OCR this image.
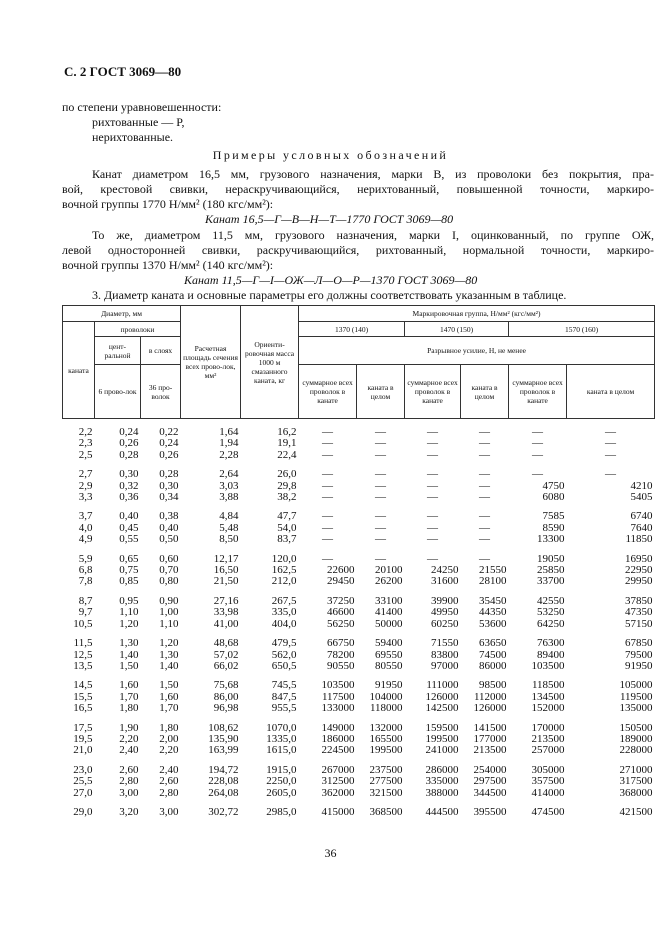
С. 2 ГОСТ 3069—80
по степени уравновешенности:
рихтованные — Р,
нерихтованные.
Примеры условных обозначений
Канат диаметром 16,5 мм, грузового назначения, марки В, из проволоки без покрытия, пра-
вой, крестовой свивки, нераскручивающийся, нерихтованный, повышенной точности, маркиро-
вочной группы 1770 Н/мм² (180 кгс/мм²):
Канат 16,5—Г—В—Н—Т—1770 ГОСТ 3069—80
То же, диаметром 11,5 мм, грузового назначения, марки I, оцинкованный, по группе ОЖ,
левой односторонней свивки, раскручивающийся, рихтованный, нормальной точности, маркиро-
вочной группы 1370 Н/мм² (140 кгс/мм²):
Канат 11,5—Г—I—ОЖ—Л—О—Р—1370 ГОСТ 3069—80
3. Диаметр каната и основные параметры его должны соответствовать указанным в таблице.
Диаметр, мм			Расчетная площадь сечения всех прово-лок, мм²	Ориенти-ровочная масса 1000 м смазанного каната, кг	Маркировочная группа, Н/мм² (кгс/мм²)					
каната	проволоки				1370 (140)		1470 (150)		1570 (160)	
	цент-ральной	в слоях			Разрывное усилие, Н, не менее					
	6 прово-лок	36 про-волок			суммарное всех проволок в канате	каната в целом	суммарное всех проволок в канате	каната в целом	суммарное всех проволок в канате	каната в целом
2,2	0,24	0,22	1,64	16,2	—	—	—	—	—	—
2,3	0,26	0,24	1,94	19,1	—	—	—	—	—	—
2,5	0,28	0,26	2,28	22,4	—	—	—	—	—	—
2,7	0,30	0,28	2,64	26,0	—	—	—	—	—	—
2,9	0,32	0,30	3,03	29,8	—	—	—	—	4750	4210
3,3	0,36	0,34	3,88	38,2	—	—	—	—	6080	5405
3,7	0,40	0,38	4,84	47,7	—	—	—	—	7585	6740
4,0	0,45	0,40	5,48	54,0	—	—	—	—	8590	7640
4,9	0,55	0,50	8,50	83,7	—	—	—	—	13300	11850
5,9	0,65	0,60	12,17	120,0	—	—	—	—	19050	16950
6,8	0,75	0,70	16,50	162,5	22600	20100	24250	21550	25850	22950
7,8	0,85	0,80	21,50	212,0	29450	26200	31600	28100	33700	29950
8,7	0,95	0,90	27,16	267,5	37250	33100	39900	35450	42550	37850
9,7	1,10	1,00	33,98	335,0	46600	41400	49950	44350	53250	47350
10,5	1,20	1,10	41,00	404,0	56250	50000	60250	53600	64250	57150
11,5	1,30	1,20	48,68	479,5	66750	59400	71550	63650	76300	67850
12,5	1,40	1,30	57,02	562,0	78200	69550	83800	74500	89400	79500
13,5	1,50	1,40	66,02	650,5	90550	80550	97000	86000	103500	91950
14,5	1,60	1,50	75,68	745,5	103500	91950	111000	98500	118500	105000
15,5	1,70	1,60	86,00	847,5	117500	104000	126000	112000	134500	119500
16,5	1,80	1,70	96,98	955,5	133000	118000	142500	126000	152000	135000
17,5	1,90	1,80	108,62	1070,0	149000	132000	159500	141500	170000	150500
19,5	2,20	2,00	135,90	1335,0	186000	165500	199500	177000	213500	189000
21,0	2,40	2,20	163,99	1615,0	224500	199500	241000	213500	257000	228000
23,0	2,60	2,40	194,72	1915,0	267000	237500	286000	254000	305000	271000
25,5	2,80	2,60	228,08	2250,0	312500	277500	335000	297500	357500	317500
27,0	3,00	2,80	264,08	2605,0	362000	321500	388000	344500	414000	368000
29,0	3,20	3,00	302,72	2985,0	415000	368500	444500	395500	474500	421500
36
